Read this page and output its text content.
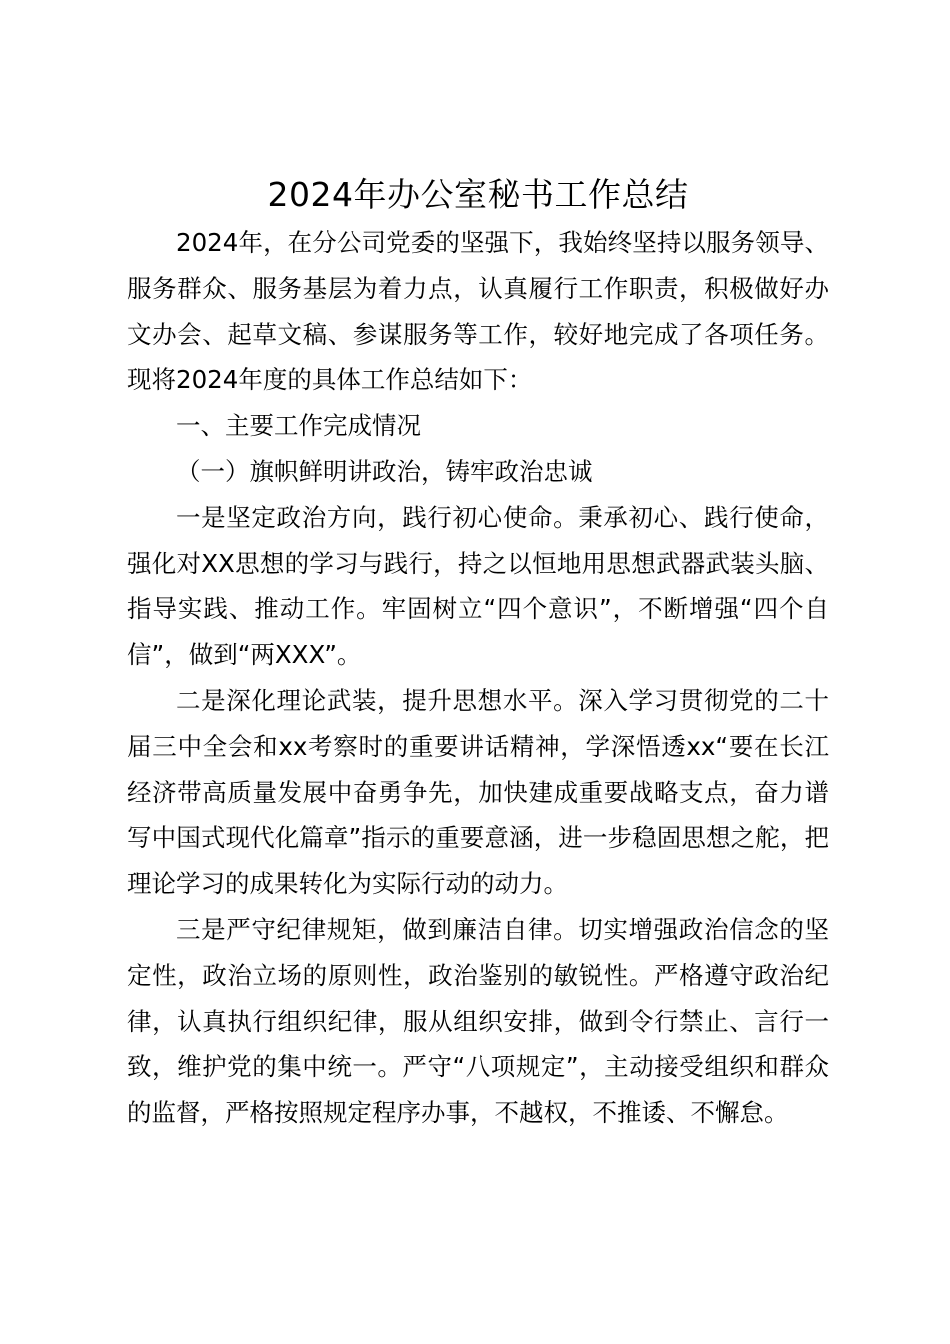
2024年办公室秘书工作总结

2024年，在分公司党委的坚强下，我始终坚持以服务领导、服务群众、服务基层为着力点，认真履行工作职责，积极做好办文办会、起草文稿、参谋服务等工作，较好地完成了各项任务。现将2024年度的具体工作总结如下：

一、主要工作完成情况

（一）旗帜鲜明讲政治，铸牢政治忠诚

一是坚定政治方向，践行初心使命。秉承初心、践行使命，强化对XX思想的学习与践行，持之以恒地用思想武器武装头脑、指导实践、推动工作。牢固树立“四个意识”，不断增强“四个自信”，做到“两XXX”。

二是深化理论武装，提升思想水平。深入学习贯彻党的二十届三中全会和xx考察时的重要讲话精神，学深悟透xx“要在长江经济带高质量发展中奋勇争先，加快建成重要战略支点，奋力谱写中国式现代化篇章”指示的重要意涵，进一步稳固思想之舵，把理论学习的成果转化为实际行动的动力。

三是严守纪律规矩，做到廉洁自律。切实增强政治信念的坚定性，政治立场的原则性，政治鉴别的敏锐性。严格遵守政治纪律，认真执行组织纪律，服从组织安排，做到令行禁止、言行一致，维护党的集中统一。严守“八项规定”，主动接受组织和群众的监督，严格按照规定程序办事，不越权，不推诿、不懈怠。
